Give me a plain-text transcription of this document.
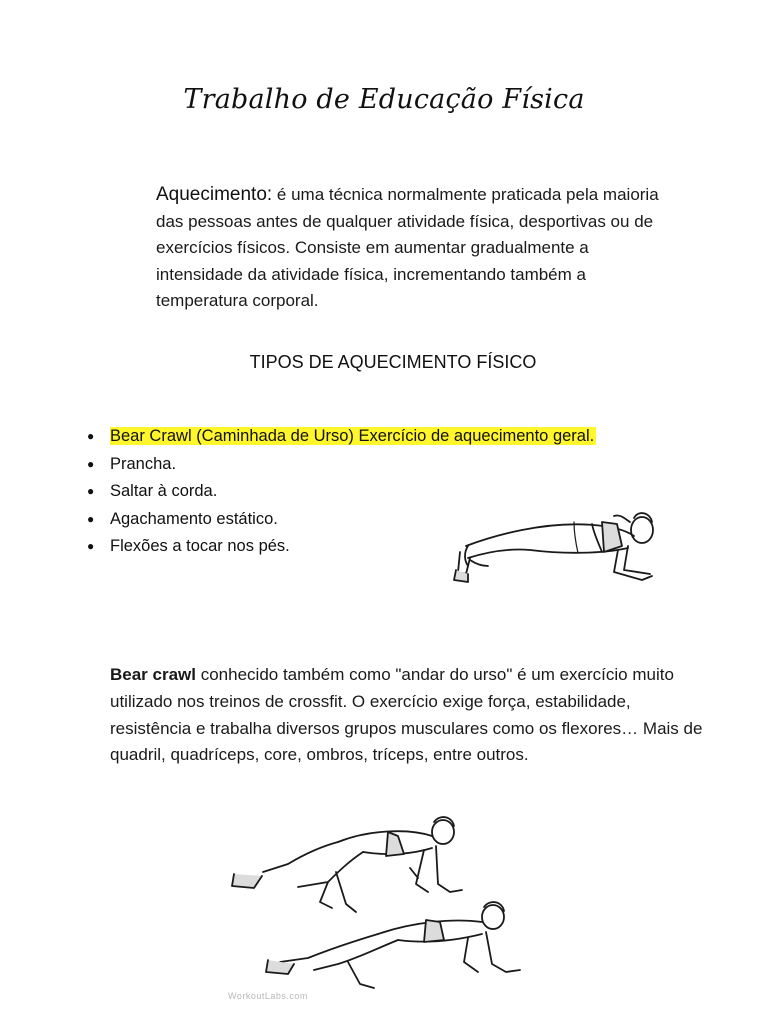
Trabalho de Educação Física

Aquecimento: é uma técnica normalmente praticada pela maioria das pessoas antes de qualquer atividade física, desportivas ou de exercícios físicos. Consiste em aumentar gradualmente a intensidade da atividade física, incrementando também a temperatura corporal.

TIPOS DE AQUECIMENTO FÍSICO
● Bear Crawl (Caminhada de Urso) Exercício de aquecimento geral.
● Prancha.
● Saltar à corda.
● Agachamento estático.
● Flexões a tocar nos pés.

Bear crawl conhecido também como "andar do urso" é um exercício muito utilizado nos treinos de crossfit. O exercício exige força, estabilidade, resistência e trabalha diversos grupos musculares como os flexores… Mais de quadril, quadríceps, core, ombros, tríceps, entre outros.

WorkoutLabs.com
